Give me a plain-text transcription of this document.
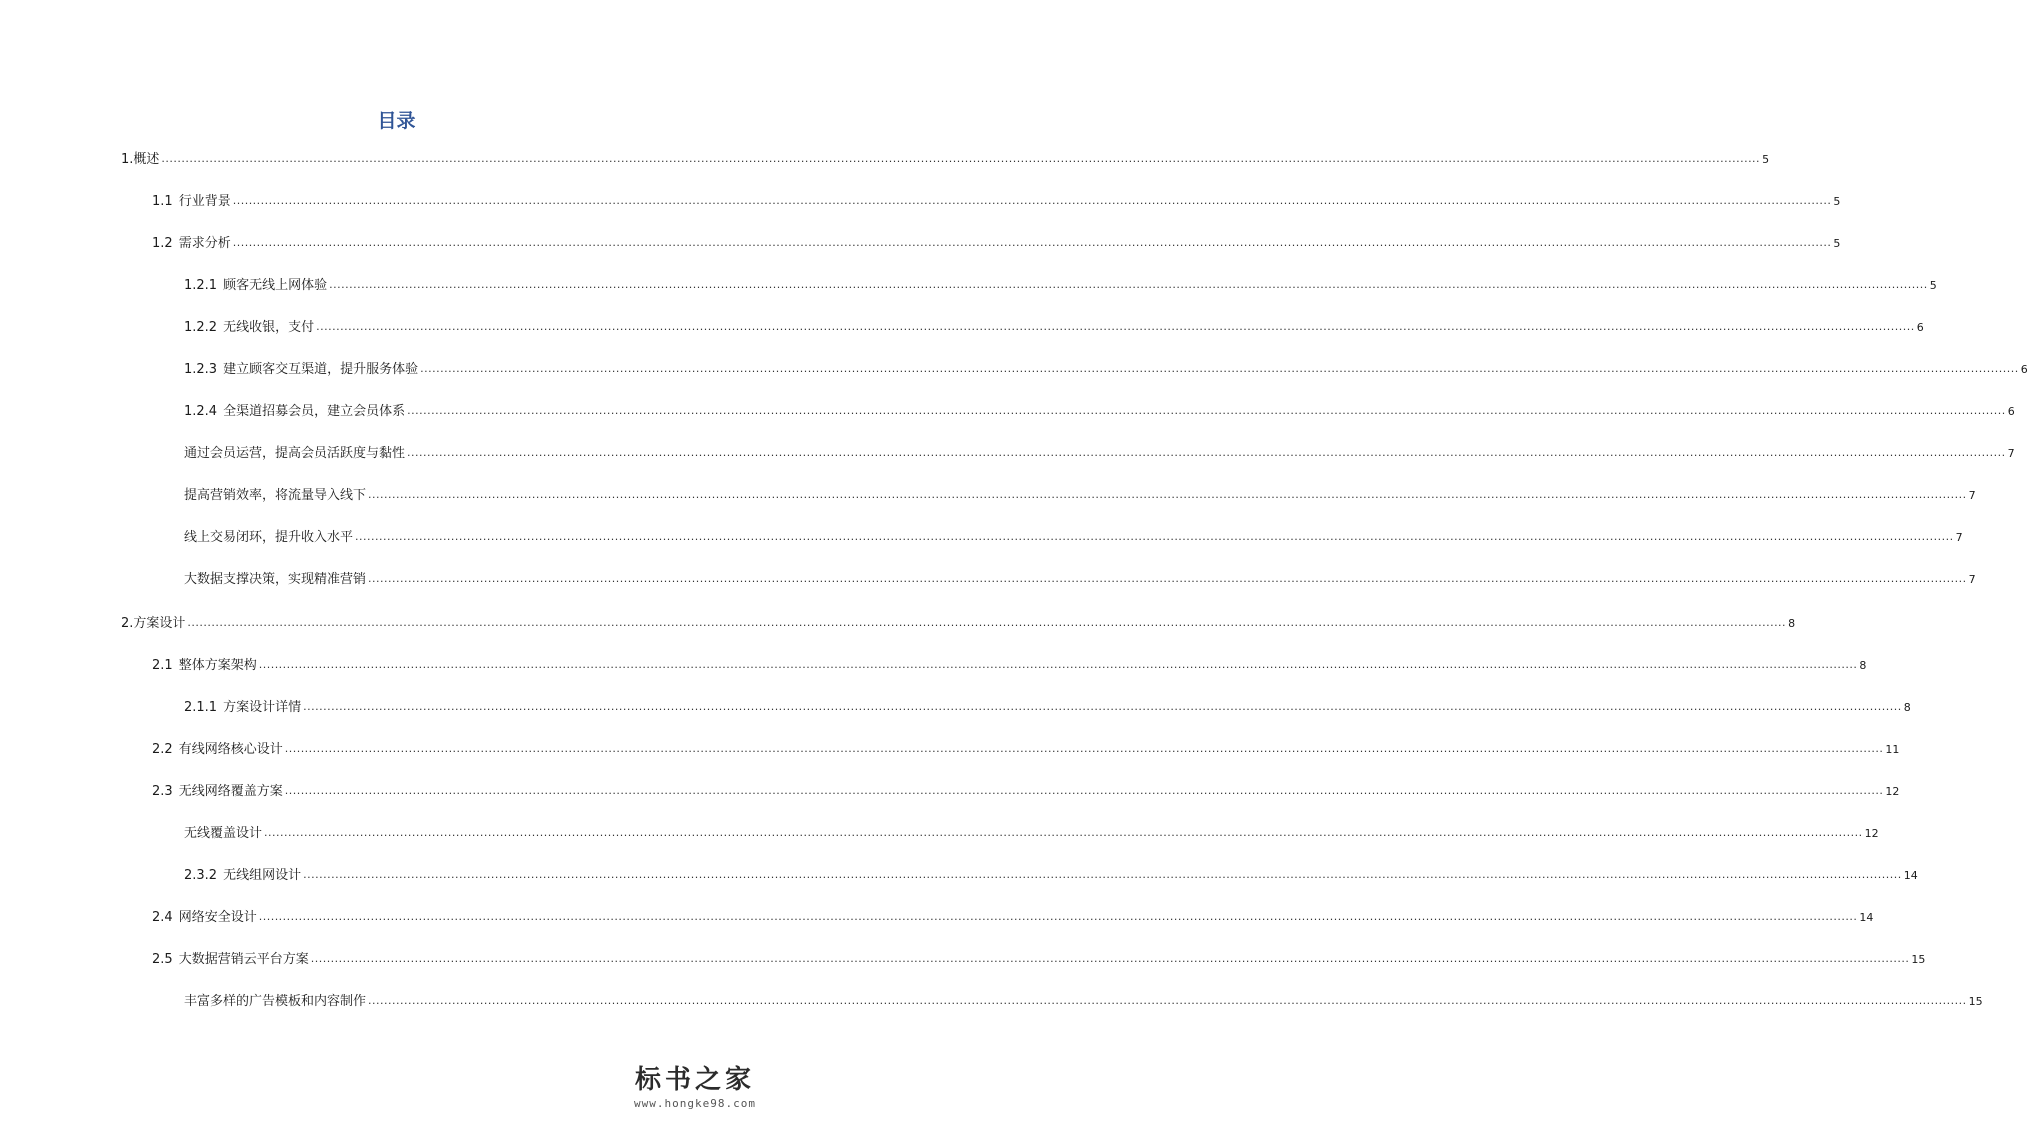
目录
1. 概述 ................................................................................................................................................................................................................................................................................................................................................................................................................ 5
1.1 行业背景 ................................................................................................................................................................................................................................................................................................................................................................................................................ 5
1.2 需求分析 ................................................................................................................................................................................................................................................................................................................................................................................................................ 5
1.2.1 顾客无线上网体验 ................................................................................................................................................................................................................................................................................................................................................................................................................ 5
1.2.2 无线收银，支付 ................................................................................................................................................................................................................................................................................................................................................................................................................ 6
1.2.3 建立顾客交互渠道，提升服务体验 ................................................................................................................................................................................................................................................................................................................................................................................................................ 6
1.2.4 全渠道招募会员，建立会员体系 ................................................................................................................................................................................................................................................................................................................................................................................................................ 6
通过会员运营，提高会员活跃度与黏性 ................................................................................................................................................................................................................................................................................................................................................................................................................ 7
提高营销效率，将流量导入线下 ................................................................................................................................................................................................................................................................................................................................................................................................................ 7
线上交易闭环，提升收入水平 ................................................................................................................................................................................................................................................................................................................................................................................................................ 7
大数据支撑决策，实现精准营销 ................................................................................................................................................................................................................................................................................................................................................................................................................ 7
2. 方案设计 ................................................................................................................................................................................................................................................................................................................................................................................................................ 8
2.1 整体方案架构 ................................................................................................................................................................................................................................................................................................................................................................................................................ 8
2.1.1 方案设计详情 ................................................................................................................................................................................................................................................................................................................................................................................................................ 8
2.2 有线网络核心设计 ................................................................................................................................................................................................................................................................................................................................................................................................................ 11
2.3 无线网络覆盖方案 ................................................................................................................................................................................................................................................................................................................................................................................................................ 12
无线覆盖设计 ................................................................................................................................................................................................................................................................................................................................................................................................................ 12
2.3.2 无线组网设计 ................................................................................................................................................................................................................................................................................................................................................................................................................ 14
2.4 网络安全设计 ................................................................................................................................................................................................................................................................................................................................................................................................................ 14
2.5 大数据营销云平台方案 ................................................................................................................................................................................................................................................................................................................................................................................................................ 15
丰富多样的广告模板和内容制作 ................................................................................................................................................................................................................................................................................................................................................................................................................ 15
标书之家
www.hongke98.com
